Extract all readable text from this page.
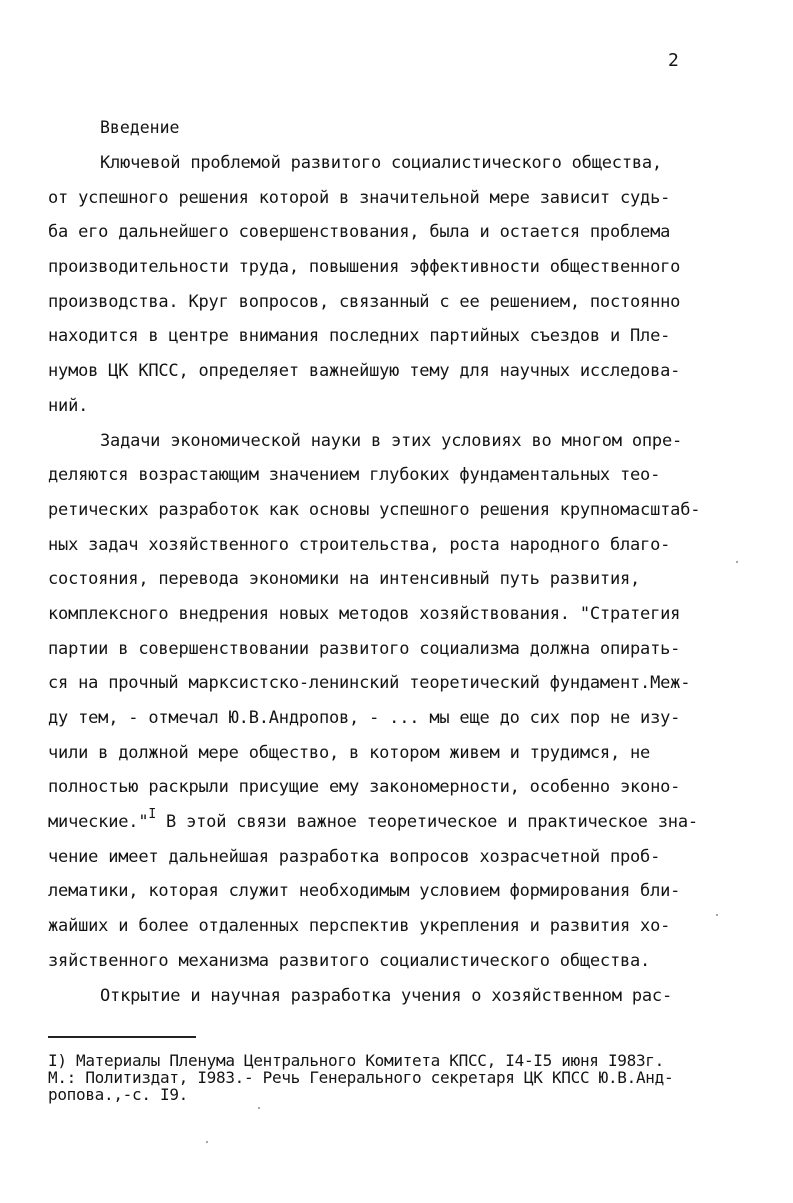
2
Введение
Ключевой проблемой развитого социалистического общества,
от успешного решения которой в значительной мере зависит судь-
ба его дальнейшего совершенствования, была и остается проблема
производительности труда, повышения эффективности общественного
производства. Круг вопросов, связанный с ее решением, постоянно
находится в центре внимания последних партийных съездов и Пле-
нумов ЦК КПСС, определяет важнейшую тему для научных исследова-
ний.
Задачи экономической науки в этих условиях во многом опре-
деляются возрастающим значением глубоких фундаментальных тео-
ретических разработок как основы успешного решения крупномасштаб-
ных задач хозяйственного строительства, роста народного благо-
состояния, перевода экономики на интенсивный путь развития,
комплексного внедрения новых методов хозяйствования. "Стратегия
партии в совершенствовании развитого социализма должна опирать-
ся на прочный марксистско-ленинский теоретический фундамент.Меж-
ду тем, - отмечал Ю.В.Андропов, - ... мы еще до сих пор не изу-
чили в должной мере общество, в котором живем и трудимся, не
полностью раскрыли присущие ему закономерности, особенно эконо-
мические."$^I$ В этой связи важное теоретическое и практическое зна-
чение имеет дальнейшая разработка вопросов хозрасчетной проб-
лематики, которая служит необходимым условием формирования бли-
жайших и более отдаленных перспектив укрепления и развития хо-
зяйственного механизма развитого социалистического общества.
Открытие и научная разработка учения о хозяйственном рас-
I) Материалы Пленума Центрального Комитета КПСС, I4-I5 июня I983г.
М.: Политиздат, I983.- Речь Генерального секретаря ЦК КПСС Ю.В.Анд-
ропова.,-с. I9.
